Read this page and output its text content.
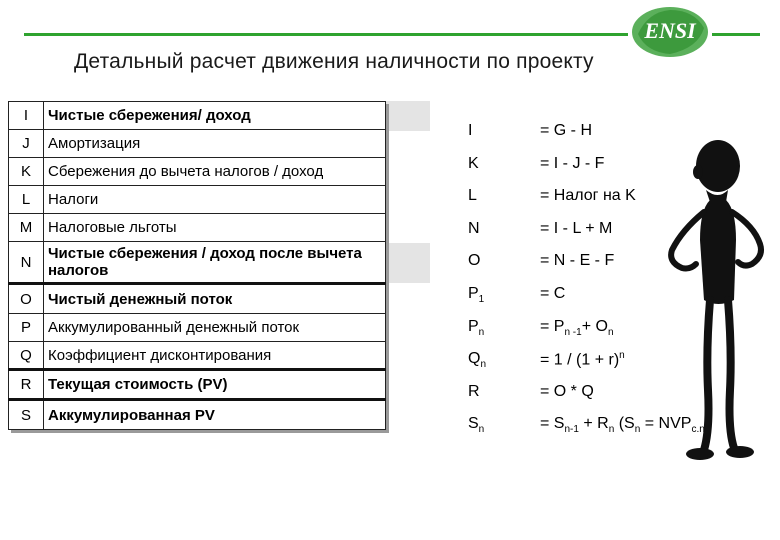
ENSI
Детальный расчет движения наличности по проекту
I	Чистые сбережения/ доход
J	Амортизация
K	Сбережения до вычета налогов / доход
L	Налоги
M	Налоговые льготы
N	Чистые сбережения / доход после вычета налогов
O	Чистый денежный поток
P	Аккумулированный денежный поток
Q	Коэффициент дисконтирования
R	Текущая стоимость (PV)
S	Аккумулированная PV
I	= G - H
K	= I - J - F
L	= Налог на K
N	= I - L + M
O	= N - E - F
$P_1$	= C
$P_n$	= $P_{n -1}+ O_n$
$Q_n$	= $1 / (1 + r)^n$
R	= O * Q
$S_n$	= $S_{n-1} + R_n$ $(S_n = NVP_{c.n})$
